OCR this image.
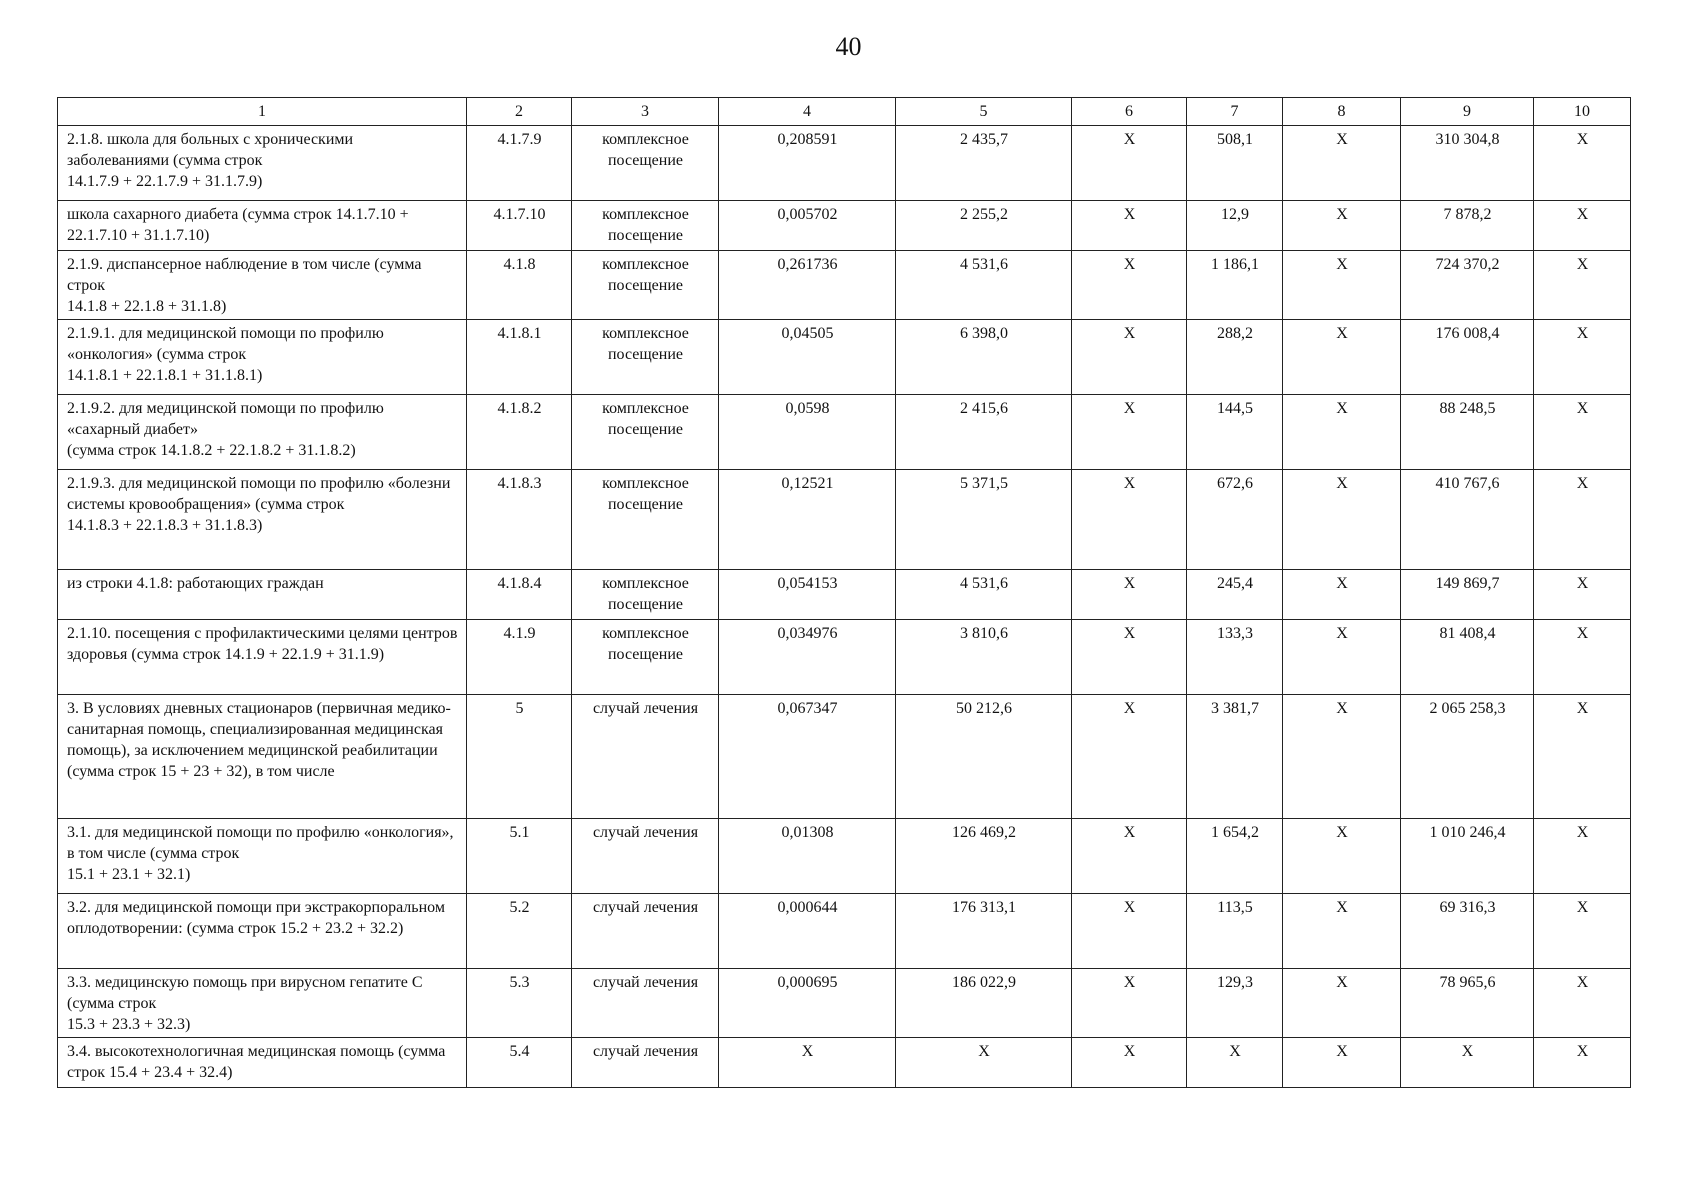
40
1	2	3	4	5	6	7	8	9	10
2.1.8. школа для больных с хроническими заболеваниями (сумма строк
14.1.7.9 + 22.1.7.9 + 31.1.7.9)	4.1.7.9	комплексное посещение	0,208591	2 435,7	Х	508,1	Х	310 304,8	Х
школа сахарного диабета (сумма строк 14.1.7.10 + 22.1.7.10 + 31.1.7.10)	4.1.7.10	комплексное посещение	0,005702	2 255,2	Х	12,9	Х	7 878,2	Х
2.1.9. диспансерное наблюдение в том числе (сумма строк
14.1.8 + 22.1.8 + 31.1.8)	4.1.8	комплексное посещение	0,261736	4 531,6	Х	1 186,1	Х	724 370,2	Х
2.1.9.1. для медицинской помощи по профилю «онкология» (сумма строк
14.1.8.1 + 22.1.8.1 + 31.1.8.1)	4.1.8.1	комплексное посещение	0,04505	6 398,0	Х	288,2	Х	176 008,4	Х
2.1.9.2. для медицинской помощи по профилю «сахарный диабет»
(сумма строк 14.1.8.2 + 22.1.8.2 + 31.1.8.2)	4.1.8.2	комплексное посещение	0,0598	2 415,6	Х	144,5	Х	88 248,5	Х
2.1.9.3. для медицинской помощи по профилю «болезни системы кровообращения» (сумма строк
14.1.8.3 + 22.1.8.3 + 31.1.8.3)	4.1.8.3	комплексное посещение	0,12521	5 371,5	Х	672,6	Х	410 767,6	Х
из строки 4.1.8: работающих граждан	4.1.8.4	комплексное посещение	0,054153	4 531,6	Х	245,4	Х	149 869,7	Х
2.1.10. посещения с профилактическими целями центров здоровья (сумма строк 14.1.9 + 22.1.9 + 31.1.9)	4.1.9	комплексное посещение	0,034976	3 810,6	Х	133,3	Х	81 408,4	Х
3. В условиях дневных стационаров (первичная медико-санитарная помощь, специализированная медицинская помощь), за исключением медицинской реабилитации (сумма строк 15 + 23 + 32), в том числе	5	случай лечения	0,067347	50 212,6	Х	3 381,7	Х	2 065 258,3	Х
3.1. для медицинской помощи по профилю «онкология», в том числе (сумма строк
15.1 + 23.1 + 32.1)	5.1	случай лечения	0,01308	126 469,2	Х	1 654,2	Х	1 010 246,4	Х
3.2. для медицинской помощи при экстракорпоральном оплодотворении: (сумма строк 15.2 + 23.2 + 32.2)	5.2	случай лечения	0,000644	176 313,1	Х	113,5	Х	69 316,3	Х
3.3. медицинскую помощь при вирусном гепатите С (сумма строк
15.3 + 23.3 + 32.3)	5.3	случай лечения	0,000695	186 022,9	Х	129,3	Х	78 965,6	Х
3.4. высокотехнологичная медицинская помощь (сумма строк 15.4 + 23.4 + 32.4)	5.4	случай лечения	Х	Х	Х	Х	Х	Х	Х
